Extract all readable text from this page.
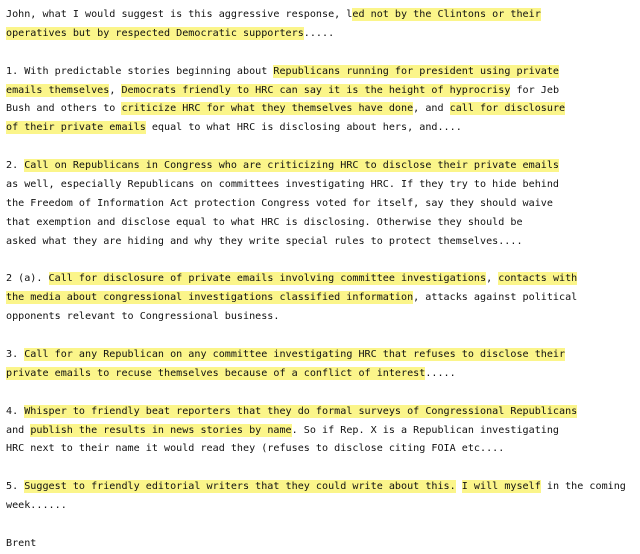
John, what I would suggest is this aggressive response, led not by the Clintons or their
operatives but by respected Democratic supporters.....
1. With predictable stories beginning about Republicans running for president using private
emails themselves, Democrats friendly to HRC can say it is the height of hyprocrisy for Jeb
Bush and others to criticize HRC for what they themselves have done, and call for disclosure
of their private emails equal to what HRC is disclosing about hers, and....
2. Call on Republicans in Congress who are criticizing HRC to disclose their private emails
as well, especially Republicans on committees investigating HRC. If they try to hide behind
the Freedom of Information Act protection Congress voted for itself, say they should waive
that exemption and disclose equal to what HRC is disclosing. Otherwise they should be
asked what they are hiding and why they write special rules to protect themselves....
2 (a). Call for disclosure of private emails involving committee investigations, contacts with
the media about congressional investigations classified information, attacks against political
opponents relevant to Congressional business.
3. Call for any Republican on any committee investigating HRC that refuses to disclose their
private emails to recuse themselves because of a conflict of interest.....
4. Whisper to friendly beat reporters that they do formal surveys of Congressional Republicans
and publish the results in news stories by name. So if Rep. X is a Republican investigating
HRC next to their name it would read they (refuses to disclose citing FOIA etc....
5. Suggest to friendly editorial writers that they could write about this. I will myself in the coming
week......
Brent
